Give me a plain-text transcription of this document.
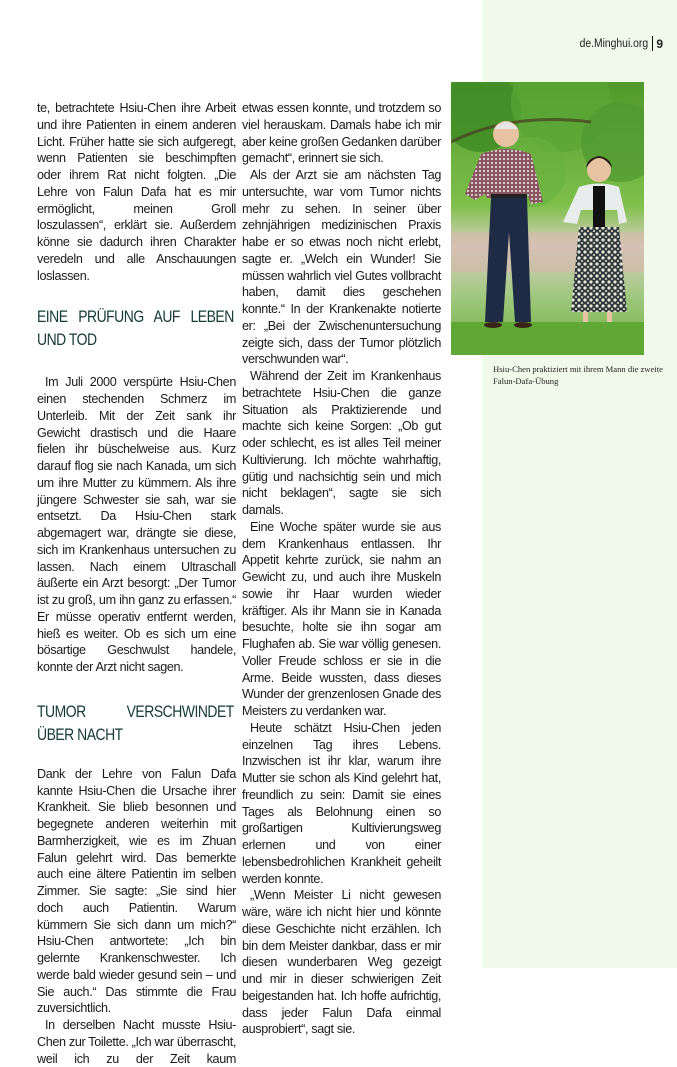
de.Minghui.org 9

te, betrachtete Hsiu-Chen ihre Arbeit und ihre Patienten in einem anderen Licht. Früher hatte sie sich aufgeregt, wenn Patienten sie beschimpften oder ihrem Rat nicht folgten. „Die Lehre von Falun Dafa hat es mir ermöglicht, meinen Groll loszulassen“, erklärt sie. Außerdem könne sie dadurch ihren Charakter veredeln und alle Anschauungen loslassen.

EINE PRÜFUNG AUF LEBEN UND TOD

Im Juli 2000 verspürte Hsiu-Chen einen stechenden Schmerz im Unterleib. Mit der Zeit sank ihr Gewicht drastisch und die Haare fielen ihr büschelweise aus. Kurz darauf flog sie nach Kanada, um sich um ihre Mutter zu kümmern. Als ihre jüngere Schwester sie sah, war sie entsetzt. Da Hsiu-Chen stark abgemagert war, drängte sie diese, sich im Krankenhaus untersuchen zu lassen. Nach einem Ultraschall äußerte ein Arzt besorgt: „Der Tumor ist zu groß, um ihn ganz zu erfassen.“ Er müsse operativ entfernt werden, hieß es weiter. Ob es sich um eine bösartige Geschwulst handele, konnte der Arzt nicht sagen.

TUMOR VERSCHWINDET ÜBER NACHT

Dank der Lehre von Falun Dafa kannte Hsiu-Chen die Ursache ihrer Krankheit. Sie blieb besonnen und begegnete anderen weiterhin mit Barmherzigkeit, wie es im Zhuan Falun gelehrt wird. Das bemerkte auch eine ältere Patientin im selben Zimmer. Sie sagte: „Sie sind hier doch auch Patientin. Warum kümmern Sie sich dann um mich?“ Hsiu-Chen antwortete: „Ich bin gelernte Krankenschwester. Ich werde bald wieder gesund sein – und Sie auch.“ Das stimmte die Frau zuversichtlich.

In derselben Nacht musste Hsiu-Chen zur Toilette. „Ich war überrascht, weil ich zu der Zeit kaum

etwas essen konnte, und trotzdem so viel herauskam. Damals habe ich mir aber keine großen Gedanken darüber gemacht“, erinnert sie sich.

Als der Arzt sie am nächsten Tag untersuchte, war vom Tumor nichts mehr zu sehen. In seiner über zehnjährigen medizinischen Praxis habe er so etwas noch nicht erlebt, sagte er. „Welch ein Wunder! Sie müssen wahrlich viel Gutes vollbracht haben, damit dies geschehen konnte.“ In der Krankenakte notierte er: „Bei der Zwischenuntersuchung zeigte sich, dass der Tumor plötzlich verschwunden war“.

Während der Zeit im Krankenhaus betrachtete Hsiu-Chen die ganze Situation als Praktizierende und machte sich keine Sorgen: „Ob gut oder schlecht, es ist alles Teil meiner Kultivierung. Ich möchte wahrhaftig, gütig und nachsichtig sein und mich nicht beklagen“, sagte sie sich damals.

Eine Woche später wurde sie aus dem Krankenhaus entlassen. Ihr Appetit kehrte zurück, sie nahm an Gewicht zu, und auch ihre Muskeln sowie ihr Haar wurden wieder kräftiger. Als ihr Mann sie in Kanada besuchte, holte sie ihn sogar am Flughafen ab. Sie war völlig genesen. Voller Freude schloss er sie in die Arme. Beide wussten, dass dieses Wunder der grenzenlosen Gnade des Meisters zu verdanken war.

Heute schätzt Hsiu-Chen jeden einzelnen Tag ihres Lebens. Inzwischen ist ihr klar, warum ihre Mutter sie schon als Kind gelehrt hat, freundlich zu sein: Damit sie eines Tages als Belohnung einen so großartigen Kultivierungsweg erlernen und von einer lebensbedrohlichen Krankheit geheilt werden konnte.

„Wenn Meister Li nicht gewesen wäre, wäre ich nicht hier und könnte diese Geschichte nicht erzählen. Ich bin dem Meister dankbar, dass er mir diesen wunderbaren Weg gezeigt und mir in dieser schwierigen Zeit beigestanden hat. Ich hoffe aufrichtig, dass jeder Falun Dafa einmal ausprobiert“, sagt sie.

Hsiu-Chen praktiziert mit ihrem Mann die zweite Falun-Dafa-Übung
